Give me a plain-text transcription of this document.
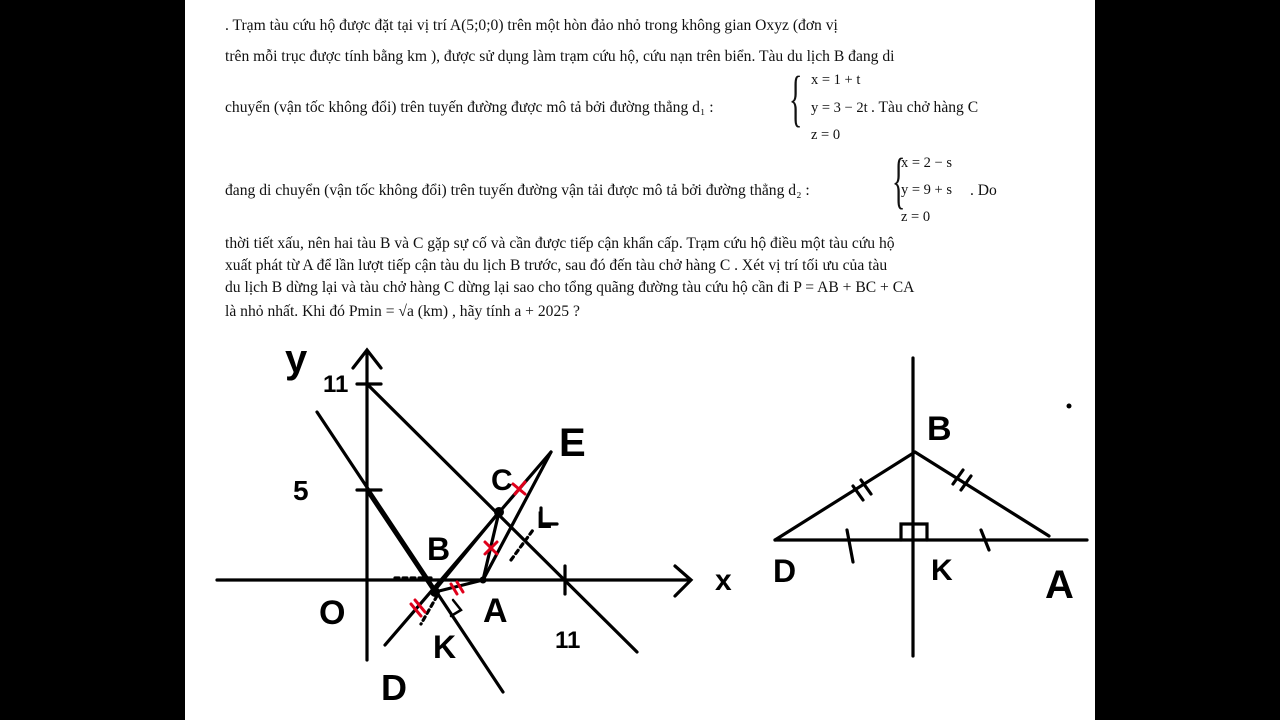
. Trạm tàu cứu hộ được đặt tại vị trí A(5;0;0) trên một hòn đảo nhỏ trong không gian Oxyz (đơn vị
trên mỗi trục được tính bằng km ), được sử dụng làm trạm cứu hộ, cứu nạn trên biển. Tàu du lịch B đang di
chuyển (vận tốc không đổi) trên tuyến đường được mô tả bởi đường thẳng d₁ : { x = 1 + t
y = 3 − 2t
z = 0
. Tàu chở hàng C
đang di chuyển (vận tốc không đổi) trên tuyến đường vận tải được mô tả bởi đường thẳng d₂ : {
x = 2 − s
y = 9 + s
z = 0
. Do
thời tiết xấu, nên hai tàu B và C gặp sự cố và cần được tiếp cận khẩn cấp. Trạm cứu hộ điều một tàu cứu hộ
xuất phát từ A để lần lượt tiếp cận tàu du lịch B trước, sau đó đến tàu chở hàng C . Xét vị trí tối ưu của tàu
du lịch B dừng lại và tàu chở hàng C dừng lại sao cho tổng quãng đường tàu cứu hộ cần đi P = AB + BC + CA
là nhỏ nhất. Khi đó Pmin = √a (km) , hãy tính a + 2025 ?
y
11
5
O
x
11
B
C
E
A
K
D
L
B
D	K A
